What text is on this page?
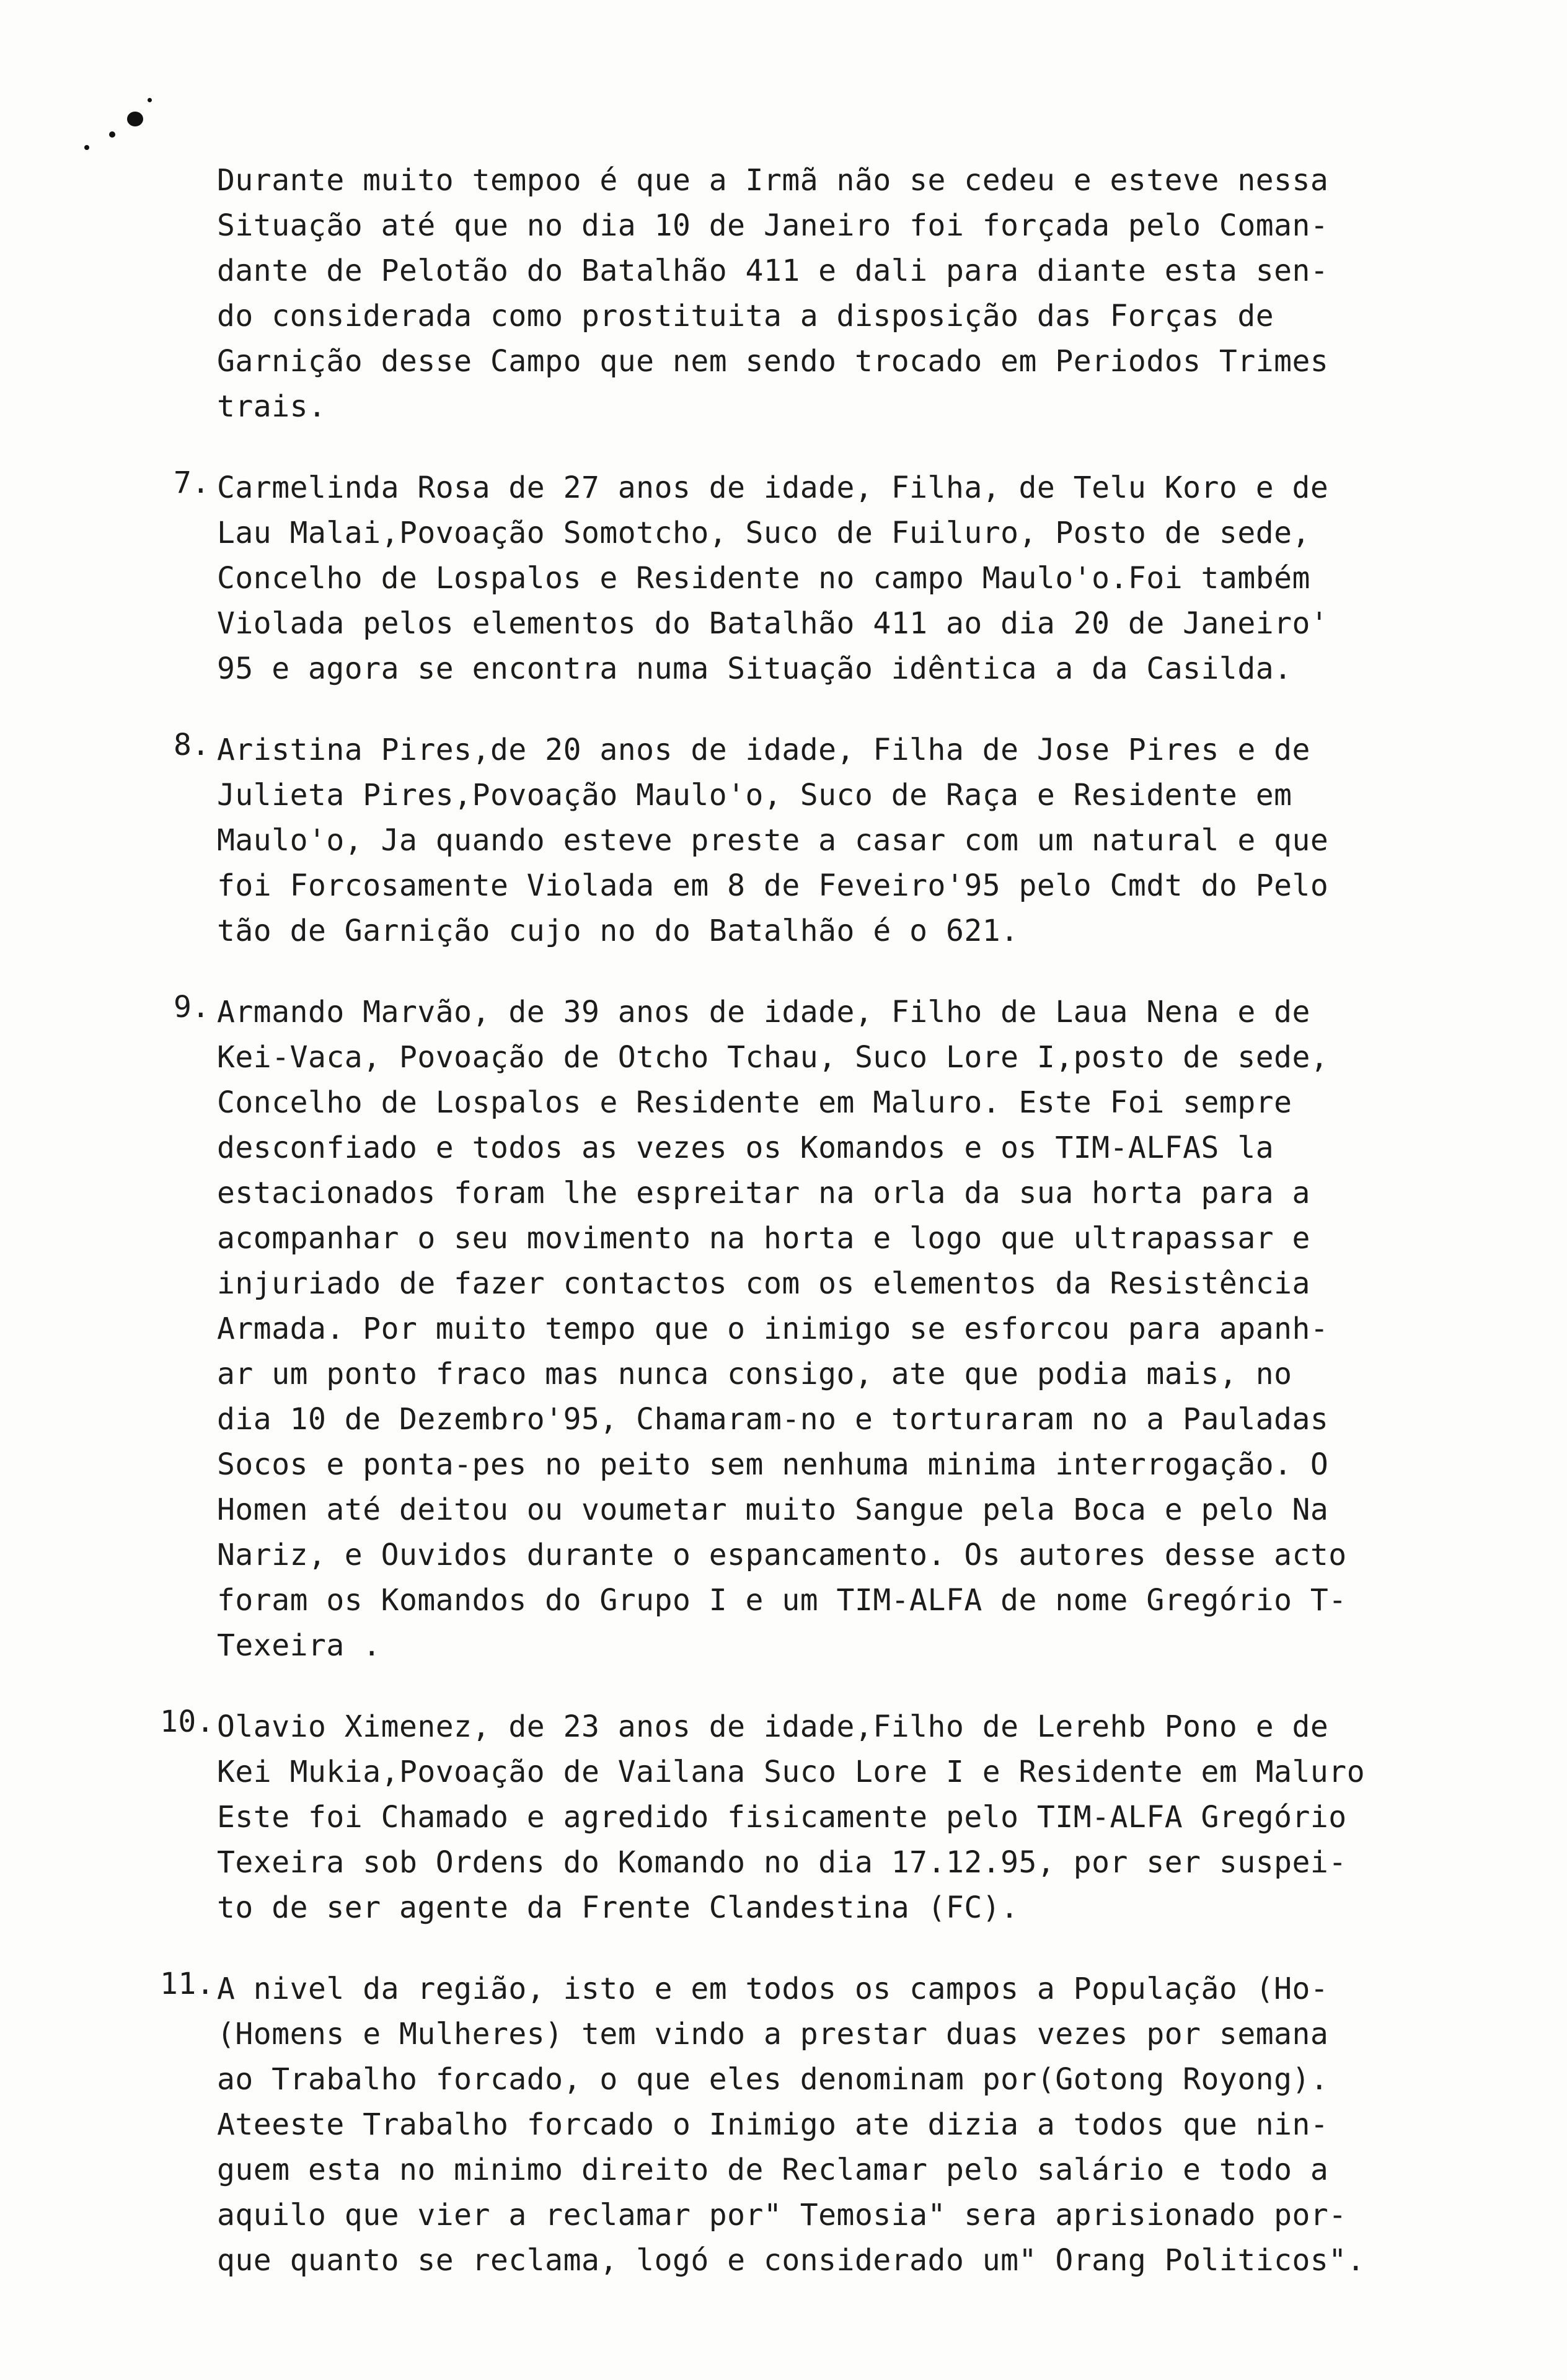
Durante muito tempoo é que a Irmã não se cedeu e esteve nessa
Situação até que no dia 10 de Janeiro foi forçada pelo Coman-
dante de Pelotão do Batalhão 411 e dali para diante esta sen-
do considerada como prostituita a disposição das Forças de
Garnição desse Campo que nem sendo trocado em Periodos Trimes
trais.
7. Carmelinda Rosa de 27 anos de idade, Filha, de Telu Koro e de
Lau Malai,Povoação Somotcho, Suco de Fuiluro, Posto de sede,
Concelho de Lospalos e Residente no campo Maulo'o.Foi também
Violada pelos elementos do Batalhão 411 ao dia 20 de Janeiro'
95 e agora se encontra numa Situação idêntica a da Casilda.
8. Aristina Pires,de 20 anos de idade, Filha de Jose Pires e de
Julieta Pires,Povoação Maulo'o, Suco de Raça e Residente em
Maulo'o, Ja quando esteve preste a casar com um natural e que
foi Forcosamente Violada em 8 de Feveiro'95 pelo Cmdt do Pelo
tão de Garnição cujo no do Batalhão é o 621.
9. Armando Marvão, de 39 anos de idade, Filho de Laua Nena e de
Kei-Vaca, Povoação de Otcho Tchau, Suco Lore I,posto de sede,
Concelho de Lospalos e Residente em Maluro. Este Foi sempre
desconfiado e todos as vezes os Komandos e os TIM-ALFAS la
estacionados foram lhe espreitar na orla da sua horta para a
acompanhar o seu movimento na horta e logo que ultrapassar e
injuriado de fazer contactos com os elementos da Resistência
Armada. Por muito tempo que o inimigo se esforcou para apanh-
ar um ponto fraco mas nunca consigo, ate que podia mais, no
dia 10 de Dezembro'95, Chamaram-no e torturaram no a Pauladas
Socos e ponta-pes no peito sem nenhuma minima interrogação. O
Homen até deitou ou voumetar muito Sangue pela Boca e pelo Na
Nariz, e Ouvidos durante o espancamento. Os autores desse acto
foram os Komandos do Grupo I e um TIM-ALFA de nome Gregório T-
Texeira .
10. Olavio Ximenez, de 23 anos de idade,Filho de Lerehb Pono e de
Kei Mukia,Povoação de Vailana Suco Lore I e Residente em Maluro
Este foi Chamado e agredido fisicamente pelo TIM-ALFA Gregório
Texeira sob Ordens do Komando no dia 17.12.95, por ser suspei-
to de ser agente da Frente Clandestina (FC).
11. A nivel da região, isto e em todos os campos a População (Ho-
(Homens e Mulheres) tem vindo a prestar duas vezes por semana
ao Trabalho forcado, o que eles denominam por(Gotong Royong).
Ateeste Trabalho forcado o Inimigo ate dizia a todos que nin-
guem esta no minimo direito de Reclamar pelo salário e todo a
aquilo que vier a reclamar por" Temosia" sera aprisionado por-
que quanto se reclama, logó e considerado um" Orang Politicos".
